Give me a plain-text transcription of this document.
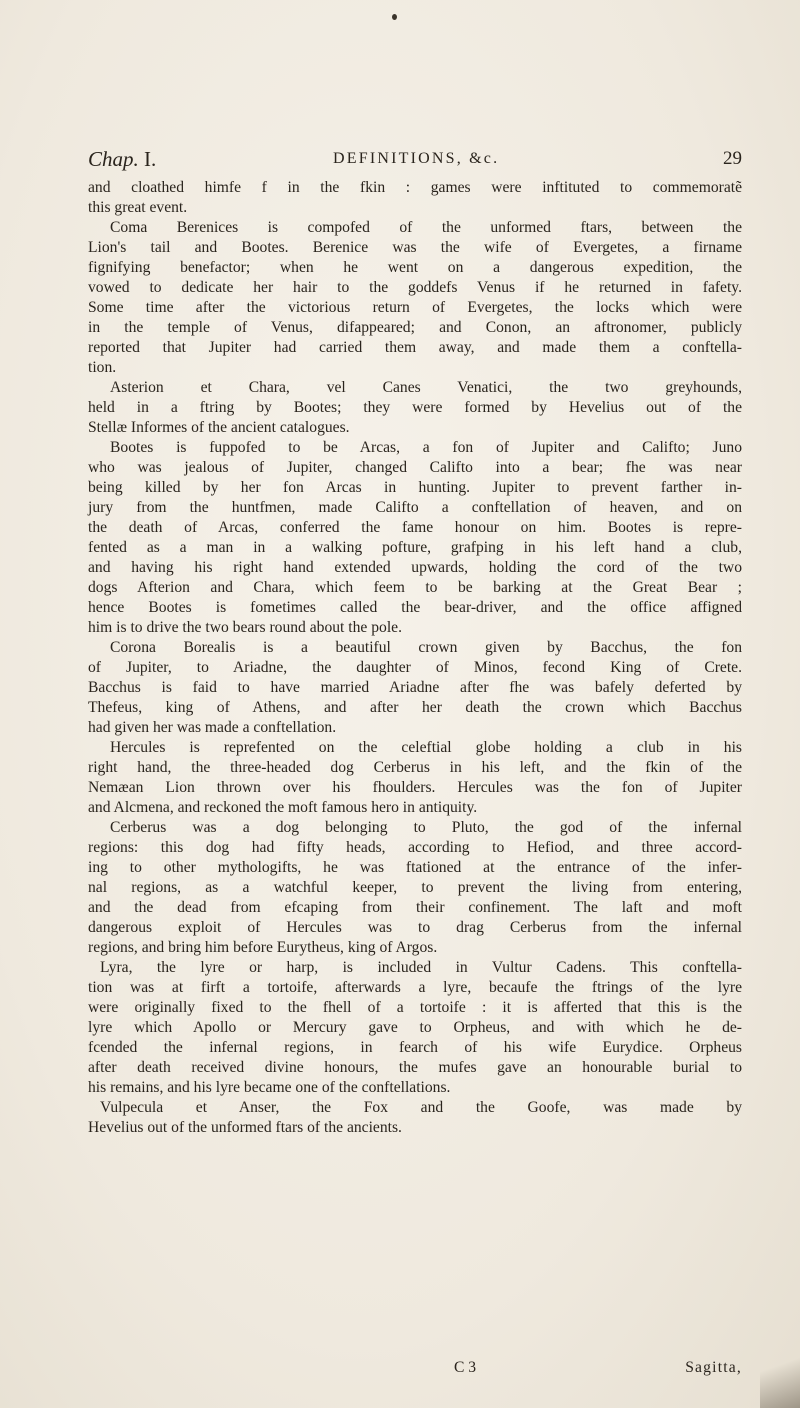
Chap. I.	DEFINITIONS, &c.	29
and cloathed himfe f in the fkin : games were inftituted to commemoratẽ
this great event.
Coma Berenices is compofed of the unformed ftars, between the
Lion's tail and Bootes. Berenice was the wife of Evergetes, a firname
fignifying benefactor; when he went on a dangerous expedition, the
vowed to dedicate her hair to the goddefs Venus if he returned in fafety.
Some time after the victorious return of Evergetes, the locks which were
in the temple of Venus, difappeared; and Conon, an aftronomer, publicly
reported that Jupiter had carried them away, and made them a conftella-
tion.
Asterion et Chara, vel Canes Venatici, the two greyhounds,
held in a ftring by Bootes; they were formed by Hevelius out of the
Stellæ Informes of the ancient catalogues.
Bootes is fuppofed to be Arcas, a fon of Jupiter and Califto; Juno
who was jealous of Jupiter, changed Califto into a bear; fhe was near
being killed by her fon Arcas in hunting. Jupiter to prevent farther in-
jury from the huntfmen, made Califto a conftellation of heaven, and on
the death of Arcas, conferred the fame honour on him. Bootes is repre-
fented as a man in a walking pofture, grafping in his left hand a club,
and having his right hand extended upwards, holding the cord of the two
dogs Afterion and Chara, which feem to be barking at the Great Bear ;
hence Bootes is fometimes called the bear-driver, and the office affigned
him is to drive the two bears round about the pole.
Corona Borealis is a beautiful crown given by Bacchus, the fon
of Jupiter, to Ariadne, the daughter of Minos, fecond King of Crete.
Bacchus is faid to have married Ariadne after fhe was bafely deferted by
Thefeus, king of Athens, and after her death the crown which Bacchus
had given her was made a conftellation.
Hercules is reprefented on the celeftial globe holding a club in his
right hand, the three-headed dog Cerberus in his left, and the fkin of the
Nemæan Lion thrown over his fhoulders. Hercules was the fon of Jupiter
and Alcmena, and reckoned the moft famous hero in antiquity.
Cerberus was a dog belonging to Pluto, the god of the infernal
regions: this dog had fifty heads, according to Hefiod, and three accord-
ing to other mythologifts, he was ftationed at the entrance of the infer-
nal regions, as a watchful keeper, to prevent the living from entering,
and the dead from efcaping from their confinement. The laft and moft
dangerous exploit of Hercules was to drag Cerberus from the infernal
regions, and bring him before Eurytheus, king of Argos.
Lyra, the lyre or harp, is included in Vultur Cadens. This conftella-
tion was at firft a tortoife, afterwards a lyre, becaufe the ftrings of the lyre
were originally fixed to the fhell of a tortoife : it is afferted that this is the
lyre which Apollo or Mercury gave to Orpheus, and with which he de-
fcended the infernal regions, in fearch of his wife Eurydice. Orpheus
after death received divine honours, the mufes gave an honourable burial to
his remains, and his lyre became one of the conftellations.
Vulpecula et Anser, the Fox and the Goofe, was made by
Hevelius out of the unformed ftars of the ancients.
C 3	Sagitta,
